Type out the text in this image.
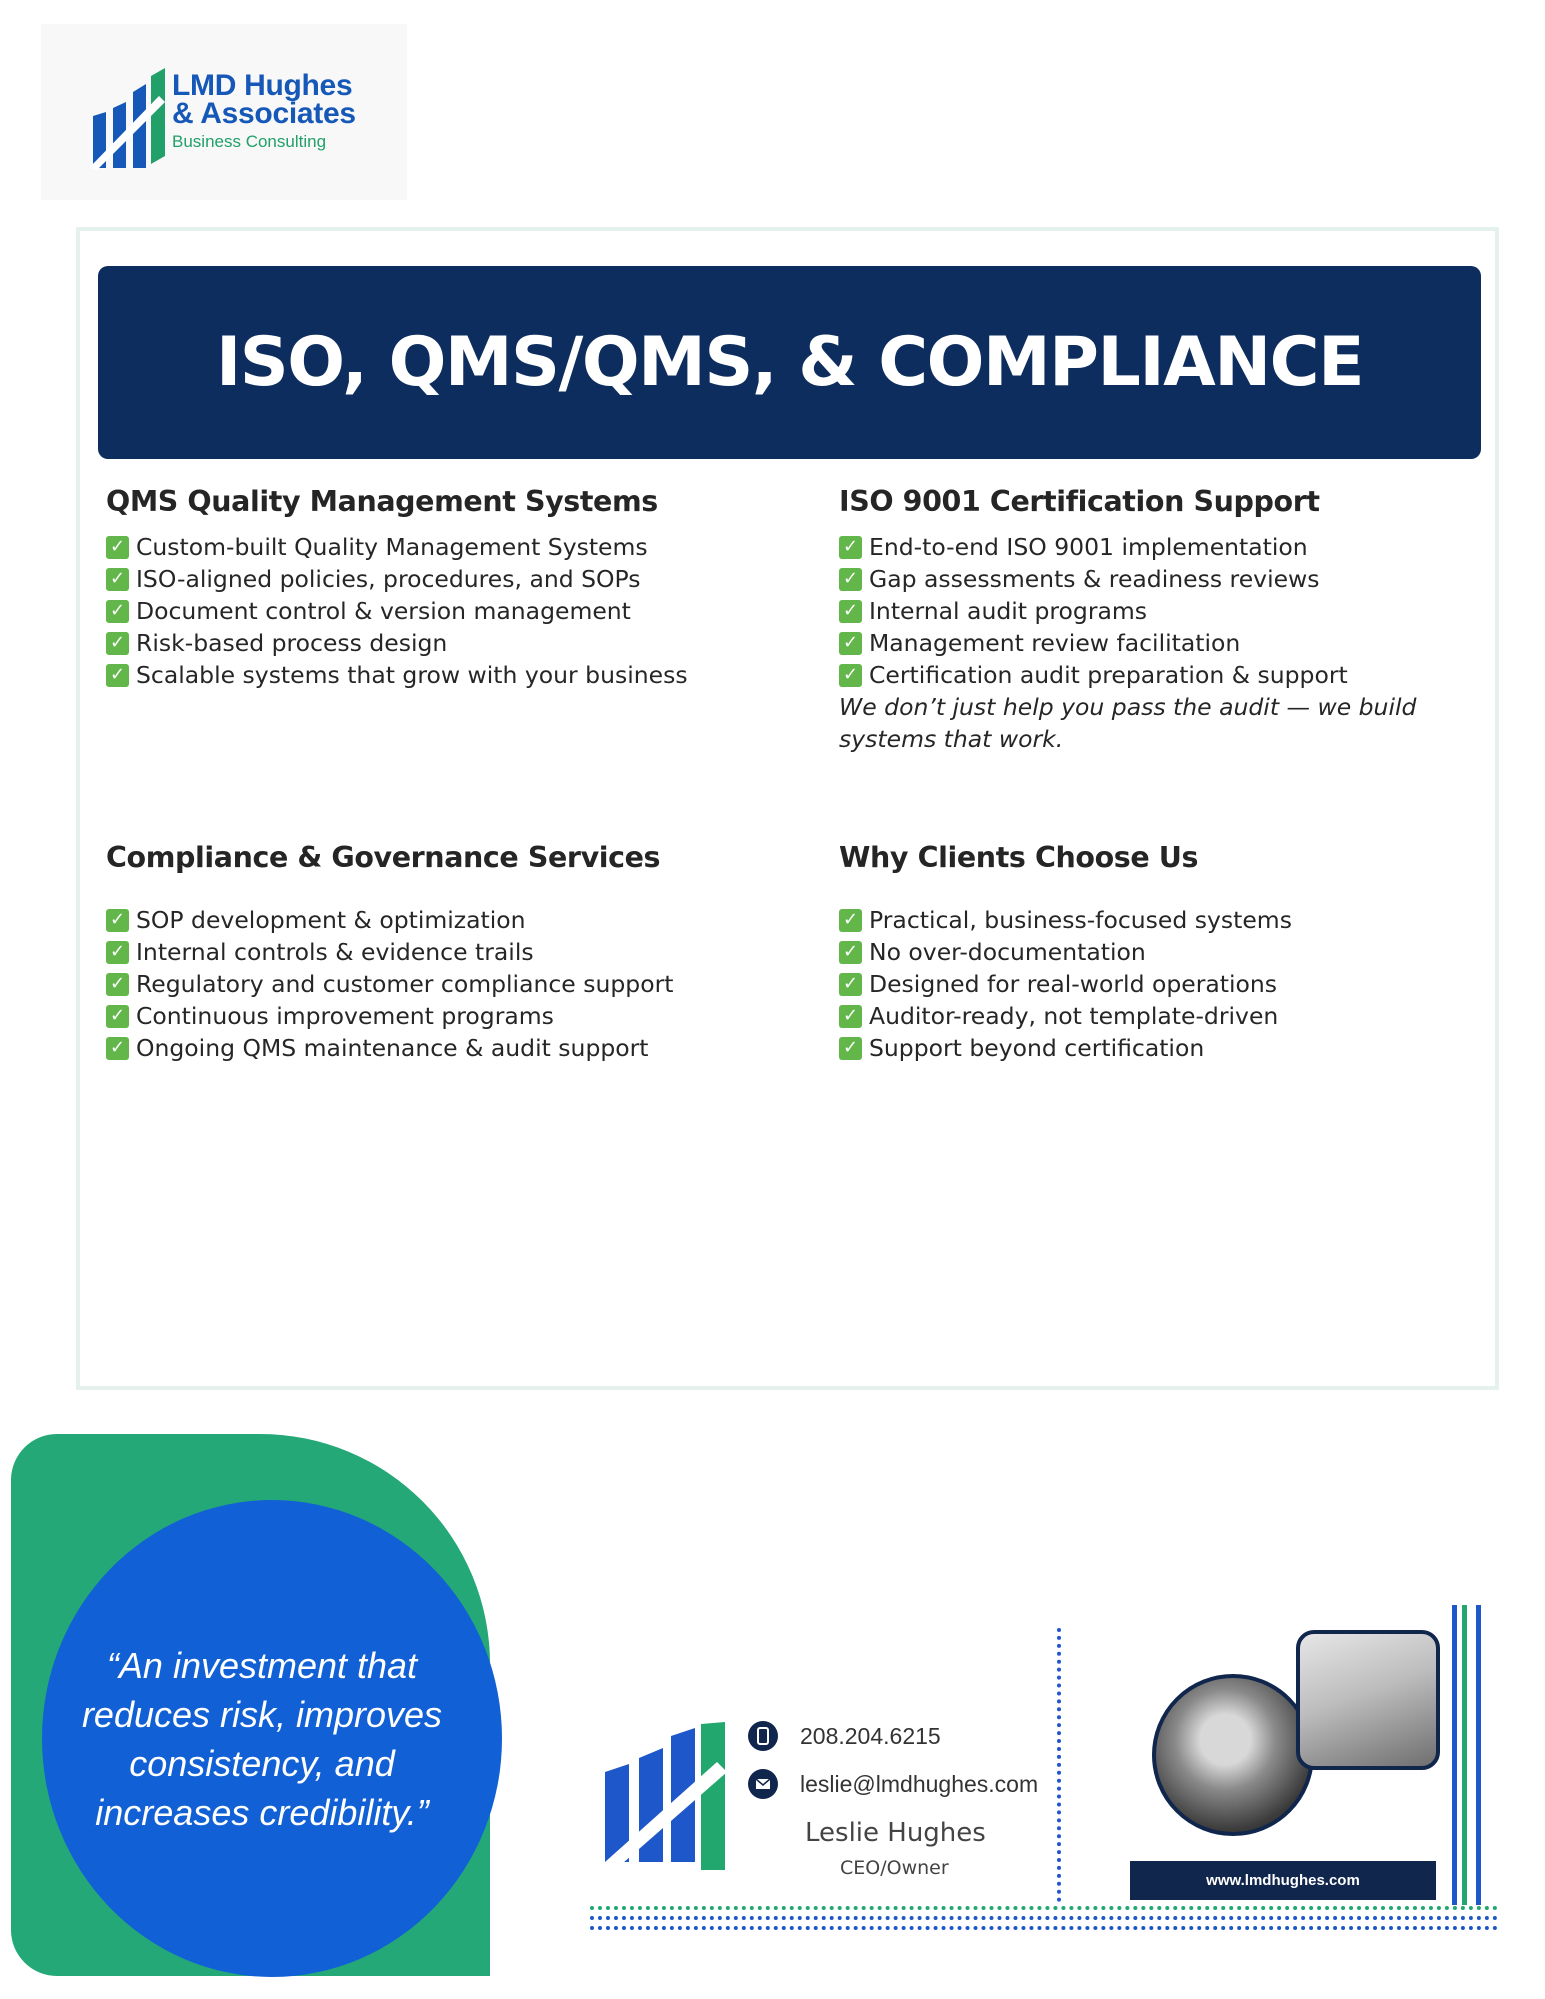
LMD Hughes
& Associates
Business Consulting
ISO, QMS/QMS, & COMPLIANCE
QMS Quality Management Systems
✓ Custom-built Quality Management Systems
✓ ISO-aligned policies, procedures, and SOPs
✓ Document control & version management
✓ Risk-based process design
✓ Scalable systems that grow with your business
ISO 9001 Certification Support
✓ End-to-end ISO 9001 implementation
✓ Gap assessments & readiness reviews
✓ Internal audit programs
✓ Management review facilitation
✓ Certification audit preparation & support

We don’t just help you pass the audit — we build systems that work.

Compliance & Governance Services
✓ SOP development & optimization
✓ Internal controls & evidence trails
✓ Regulatory and customer compliance support
✓ Continuous improvement programs
✓ Ongoing QMS maintenance & audit support
Why Clients Choose Us
✓ Practical, business-focused systems
✓ No over-documentation
✓ Designed for real-world operations
✓ Auditor-ready, not template-driven
✓ Support beyond certification

“An investment that reduces risk, improves consistency, and increases credibility.”

208.204.6215
leslie@lmdhughes.com
Leslie Hughes
CEO/Owner
www.lmdhughes.com
